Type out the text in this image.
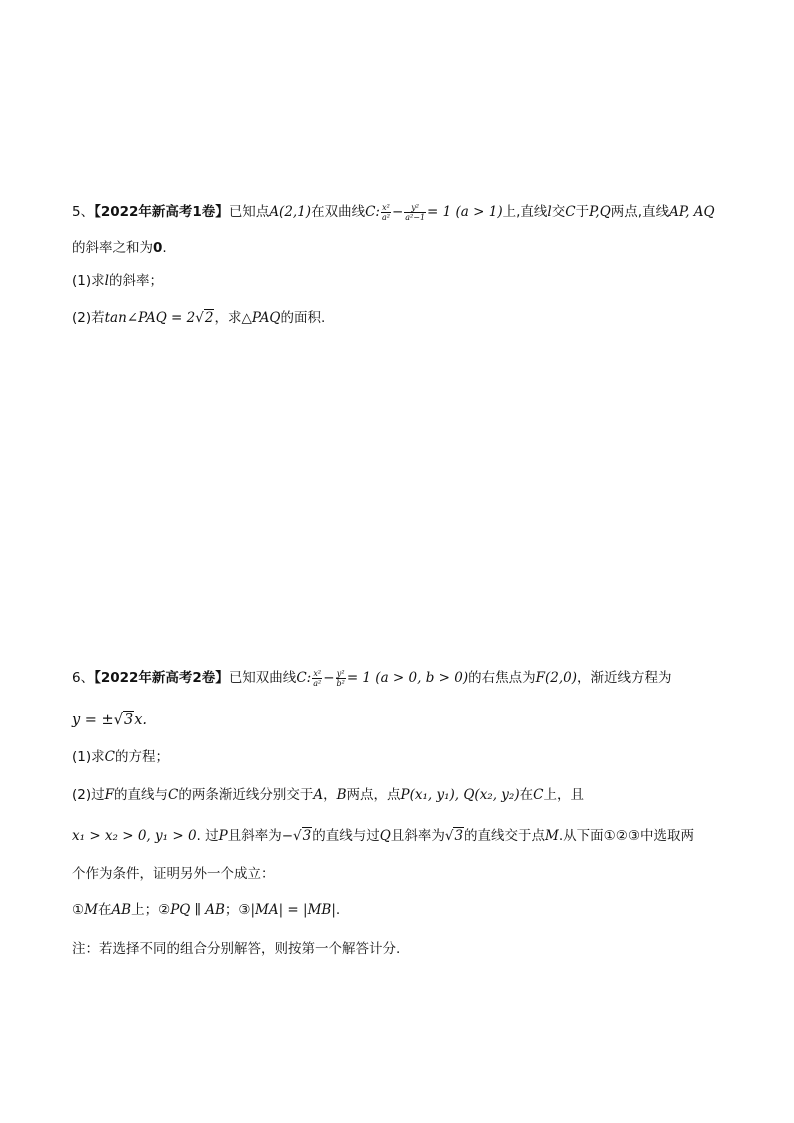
5、【2022年新高考1卷】已知点A(2,1)在双曲线C: $\frac{\text{x²}}{\text{a²}} - \frac{\text{y²}}{\text{a²−1}} = 1$ (a > 1)上,直线l交C于P,Q两点,直线AP, AQ
的斜率之和为0.
(1)求l的斜率；
(2)若tan∠PAQ = 2√2，求△PAQ的面积.
6、【2022年新高考2卷】已知双曲线C: $\frac{\text{x²}}{\text{a²}} - \frac{\text{y²}}{\text{b²}} = 1$ (a > 0, b > 0)的右焦点为F(2,0)，渐近线方程为
y = ±√3x.
(1)求C的方程；
(2)过F的直线与C的两条渐近线分别交于A，B两点，点P(x₁, y₁), Q(x₂, y₂)在C上，且
x₁ > x₂ > 0, y₁ > 0. 过P且斜率为−√3的直线与过Q且斜率为√3的直线交于点M.从下面①②③中选取两
个作为条件，证明另外一个成立：
①M在AB上；②PQ ∥ AB；③|MA| = |MB|.
注：若选择不同的组合分别解答，则按第一个解答计分.
